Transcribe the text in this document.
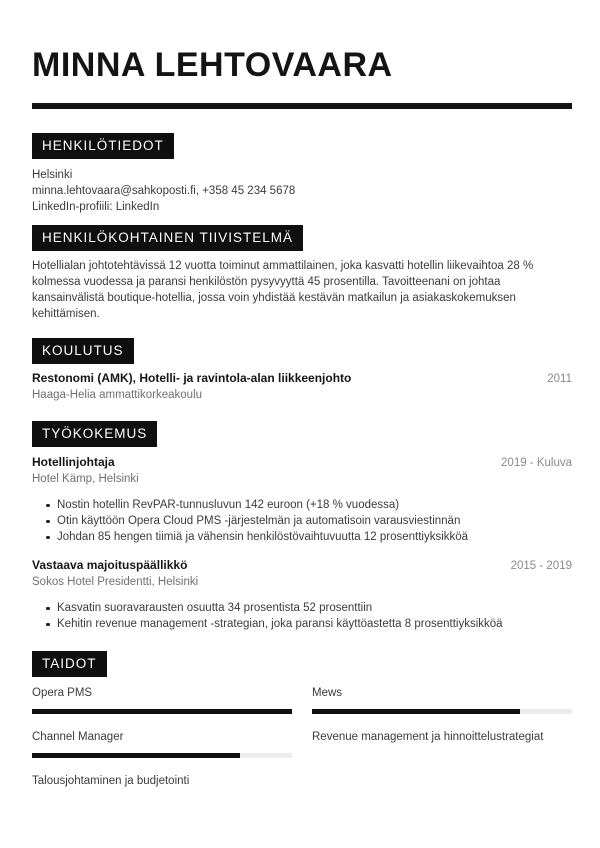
MINNA LEHTOVAARA
HENKILÖTIEDOT
Helsinki
minna.lehtovaara@sahkoposti.fi, +358 45 234 5678
LinkedIn-profiili: LinkedIn
HENKILÖKOHTAINEN TIIVISTELMÄ

Hotellialan johtotehtävissä 12 vuotta toiminut ammattilainen, joka kasvatti hotellin liikevaihtoa 28 % kolmessa vuodessa ja paransi henkilöstön pysyvyyttä 45 prosentilla. Tavoitteenani on johtaa kansainvälistä boutique-hotellia, jossa voin yhdistää kestävän matkailun ja asiakaskokemuksen kehittämisen.

KOULUTUS
Restonomi (AMK), Hotelli- ja ravintola-alan liikkeenjohto	2011
Haaga-Helia ammattikorkeakoulu
TYÖKOKEMUS
Hotellinjohtaja	2019 - Kuluva
Hotel Kämp, Helsinki
Nostin hotellin RevPAR-tunnusluvun 142 euroon (+18 % vuodessa)
Otin käyttöön Opera Cloud PMS -järjestelmän ja automatisoin varausviestinnän
Johdan 85 hengen tiimiä ja vähensin henkilöstövaihtuvuutta 12 prosenttiyksikköä
Vastaava majoituspäällikkö	2015 - 2019
Sokos Hotel Presidentti, Helsinki
Kasvatin suoravarausten osuutta 34 prosentista 52 prosenttiin
Kehitin revenue management -strategian, joka paransi käyttöastetta 8 prosenttiyksikköä
TAIDOT
Opera PMS	Mews
Channel Manager	Revenue management ja hinnoittelustrategiat
Talousjohtaminen ja budjetointi
